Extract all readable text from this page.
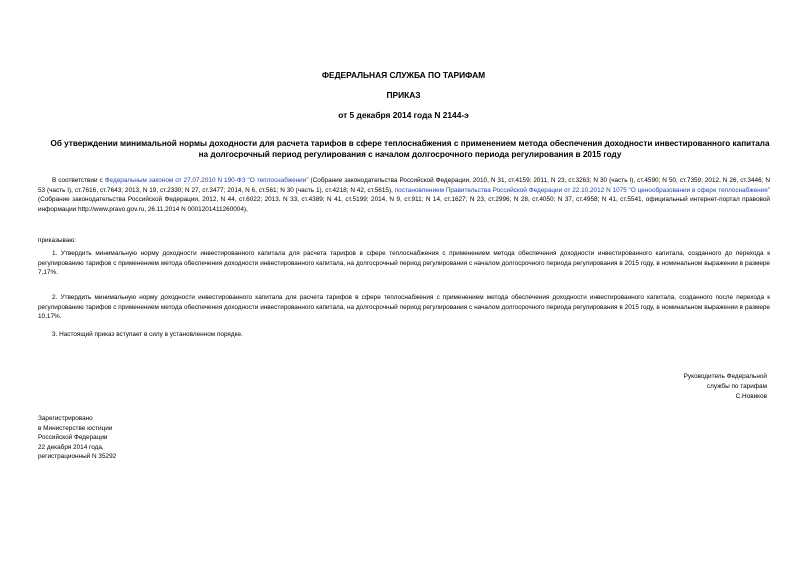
ФЕДЕРАЛЬНАЯ СЛУЖБА ПО ТАРИФАМ
ПРИКАЗ
от 5 декабря 2014 года N 2144-э
Об утверждении минимальной нормы доходности для расчета тарифов в сфере теплоснабжения с применением метода обеспечения доходности инвестированного капитала на долгосрочный период регулирования с началом долгосрочного периода регулирования в 2015 году

В соответствии с Федеральным законом от 27.07.2010 N 190-ФЗ "О теплоснабжении" (Собрание законодательства Российской Федерации, 2010, N 31, ст.4159; 2011, N 23, ст.3263; N 30 (часть I), ст.4590; N 50, ст.7359; 2012, N 26, ст.3446; N 53 (часть I), ст.7616, ст.7643; 2013, N 19, ст.2330; N 27, ст.3477; 2014, N 6, ст.561; N 30 (часть 1), ст.4218; N 42, ст.5615), постановлением Правительства Российской Федерации от 22.10.2012 N 1075 "О ценообразовании в сфере теплоснабжения" (Собрание законодательства Российской Федерации, 2012, N 44, ст.6022; 2013, N 33, ст.4389; N 41, ст.5199; 2014, N 9, ст.911; N 14, ст.1627; N 23, ст.2996; N 28, ст.4050; N 37, ст.4958; N 41, ст.5541, официальный интернет-портал правовой информации http://www.pravo.gov.ru, 26.11.2014 N 0001201411260004),

приказываю:

1. Утвердить минимальную норму доходности инвестированного капитала для расчета тарифов в сфере теплоснабжения с применением метода обеспечения доходности инвестированного капитала, созданного до перехода к регулированию тарифов с применением метода обеспечения доходности инвестированного капитала, на долгосрочный период регулирования с началом долгосрочного периода регулирования в 2015 году, в номинальном выражении в размере 7,17%.

2. Утвердить минимальную норму доходности инвестированного капитала для расчета тарифов в сфере теплоснабжения с применением метода обеспечения доходности инвестированного капитала, созданного после перехода к регулированию тарифов с применением метода обеспечения доходности инвестированного капитала, на долгосрочный период регулирования с началом долгосрочного периода регулирования в 2015 году, в номинальном выражении в размере 10,17%.

3. Настоящий приказ вступает в силу в установленном порядке.

Руководитель Федеральной
службы по тарифам
С.Новиков
Зарегистрировано
в Министерстве юстиции
Российской Федерации
22 декабря 2014 года,
регистрационный N 35292
